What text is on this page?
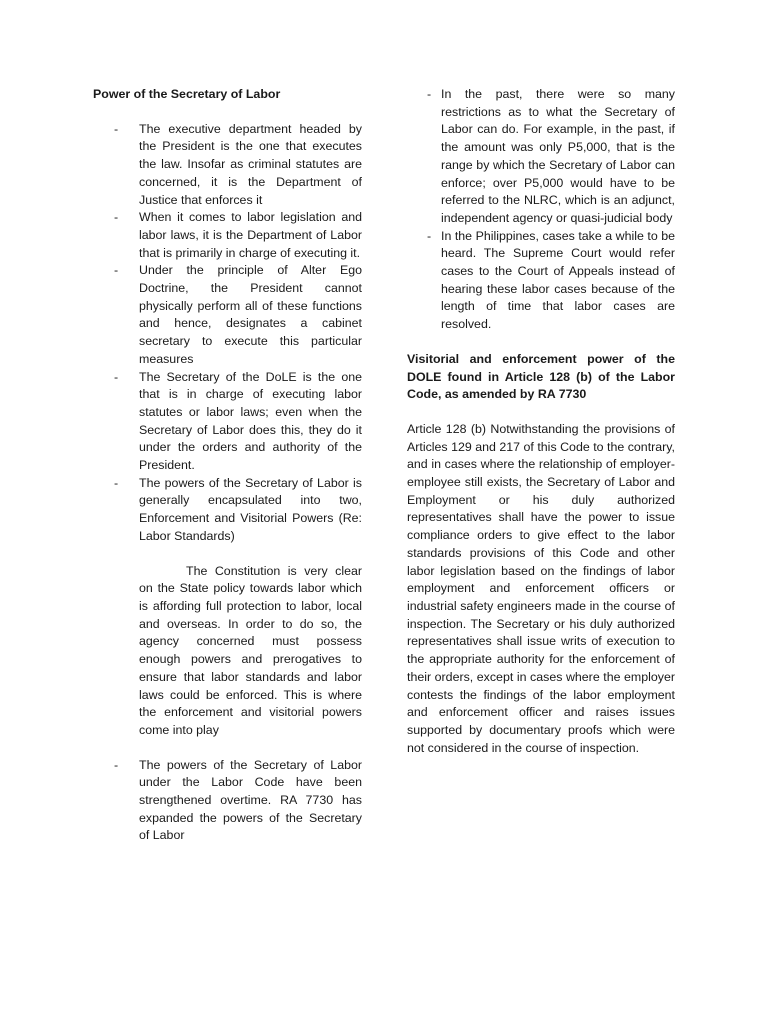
Power of the Secretary of Labor

- The executive department headed by the President is the one that executes the law. Insofar as criminal statutes are concerned, it is the Department of Justice that enforces it
- When it comes to labor legislation and labor laws, it is the Department of Labor that is primarily in charge of executing it.
- Under the principle of Alter Ego Doctrine, the President cannot physically perform all of these functions and hence, designates a cabinet secretary to execute this particular measures
- The Secretary of the DoLE is the one that is in charge of executing labor statutes or labor laws; even when the Secretary of Labor does this, they do it under the orders and authority of the President.
- The powers of the Secretary of Labor is generally encapsulated into two, Enforcement and Visitorial Powers (Re: Labor Standards)

The Constitution is very clear on the State policy towards labor which is affording full protection to labor, local and overseas. In order to do so, the agency concerned must possess enough powers and prerogatives to ensure that labor standards and labor laws could be enforced. This is where the enforcement and visitorial powers come into play

- The powers of the Secretary of Labor under the Labor Code have been strengthened overtime. RA 7730 has expanded the powers of the Secretary of Labor
- In the past, there were so many restrictions as to what the Secretary of Labor can do. For example, in the past, if the amount was only P5,000, that is the range by which the Secretary of Labor can enforce; over P5,000 would have to be referred to the NLRC, which is an adjunct, independent agency or quasi-judicial body
- In the Philippines, cases take a while to be heard. The Supreme Court would refer cases to the Court of Appeals instead of hearing these labor cases because of the length of time that labor cases are resolved.

Visitorial and enforcement power of the DOLE found in Article 128 (b) of the Labor Code, as amended by RA 7730

Article 128 (b) Notwithstanding the provisions of Articles 129 and 217 of this Code to the contrary, and in cases where the relationship of employer-employee still exists, the Secretary of Labor and Employment or his duly authorized representatives shall have the power to issue compliance orders to give effect to the labor standards provisions of this Code and other labor legislation based on the findings of labor employment and enforcement officers or industrial safety engineers made in the course of inspection. The Secretary or his duly authorized representatives shall issue writs of execution to the appropriate authority for the enforcement of their orders, except in cases where the employer contests the findings of the labor employment and enforcement officer and raises issues supported by documentary proofs which were not considered in the course of inspection.
